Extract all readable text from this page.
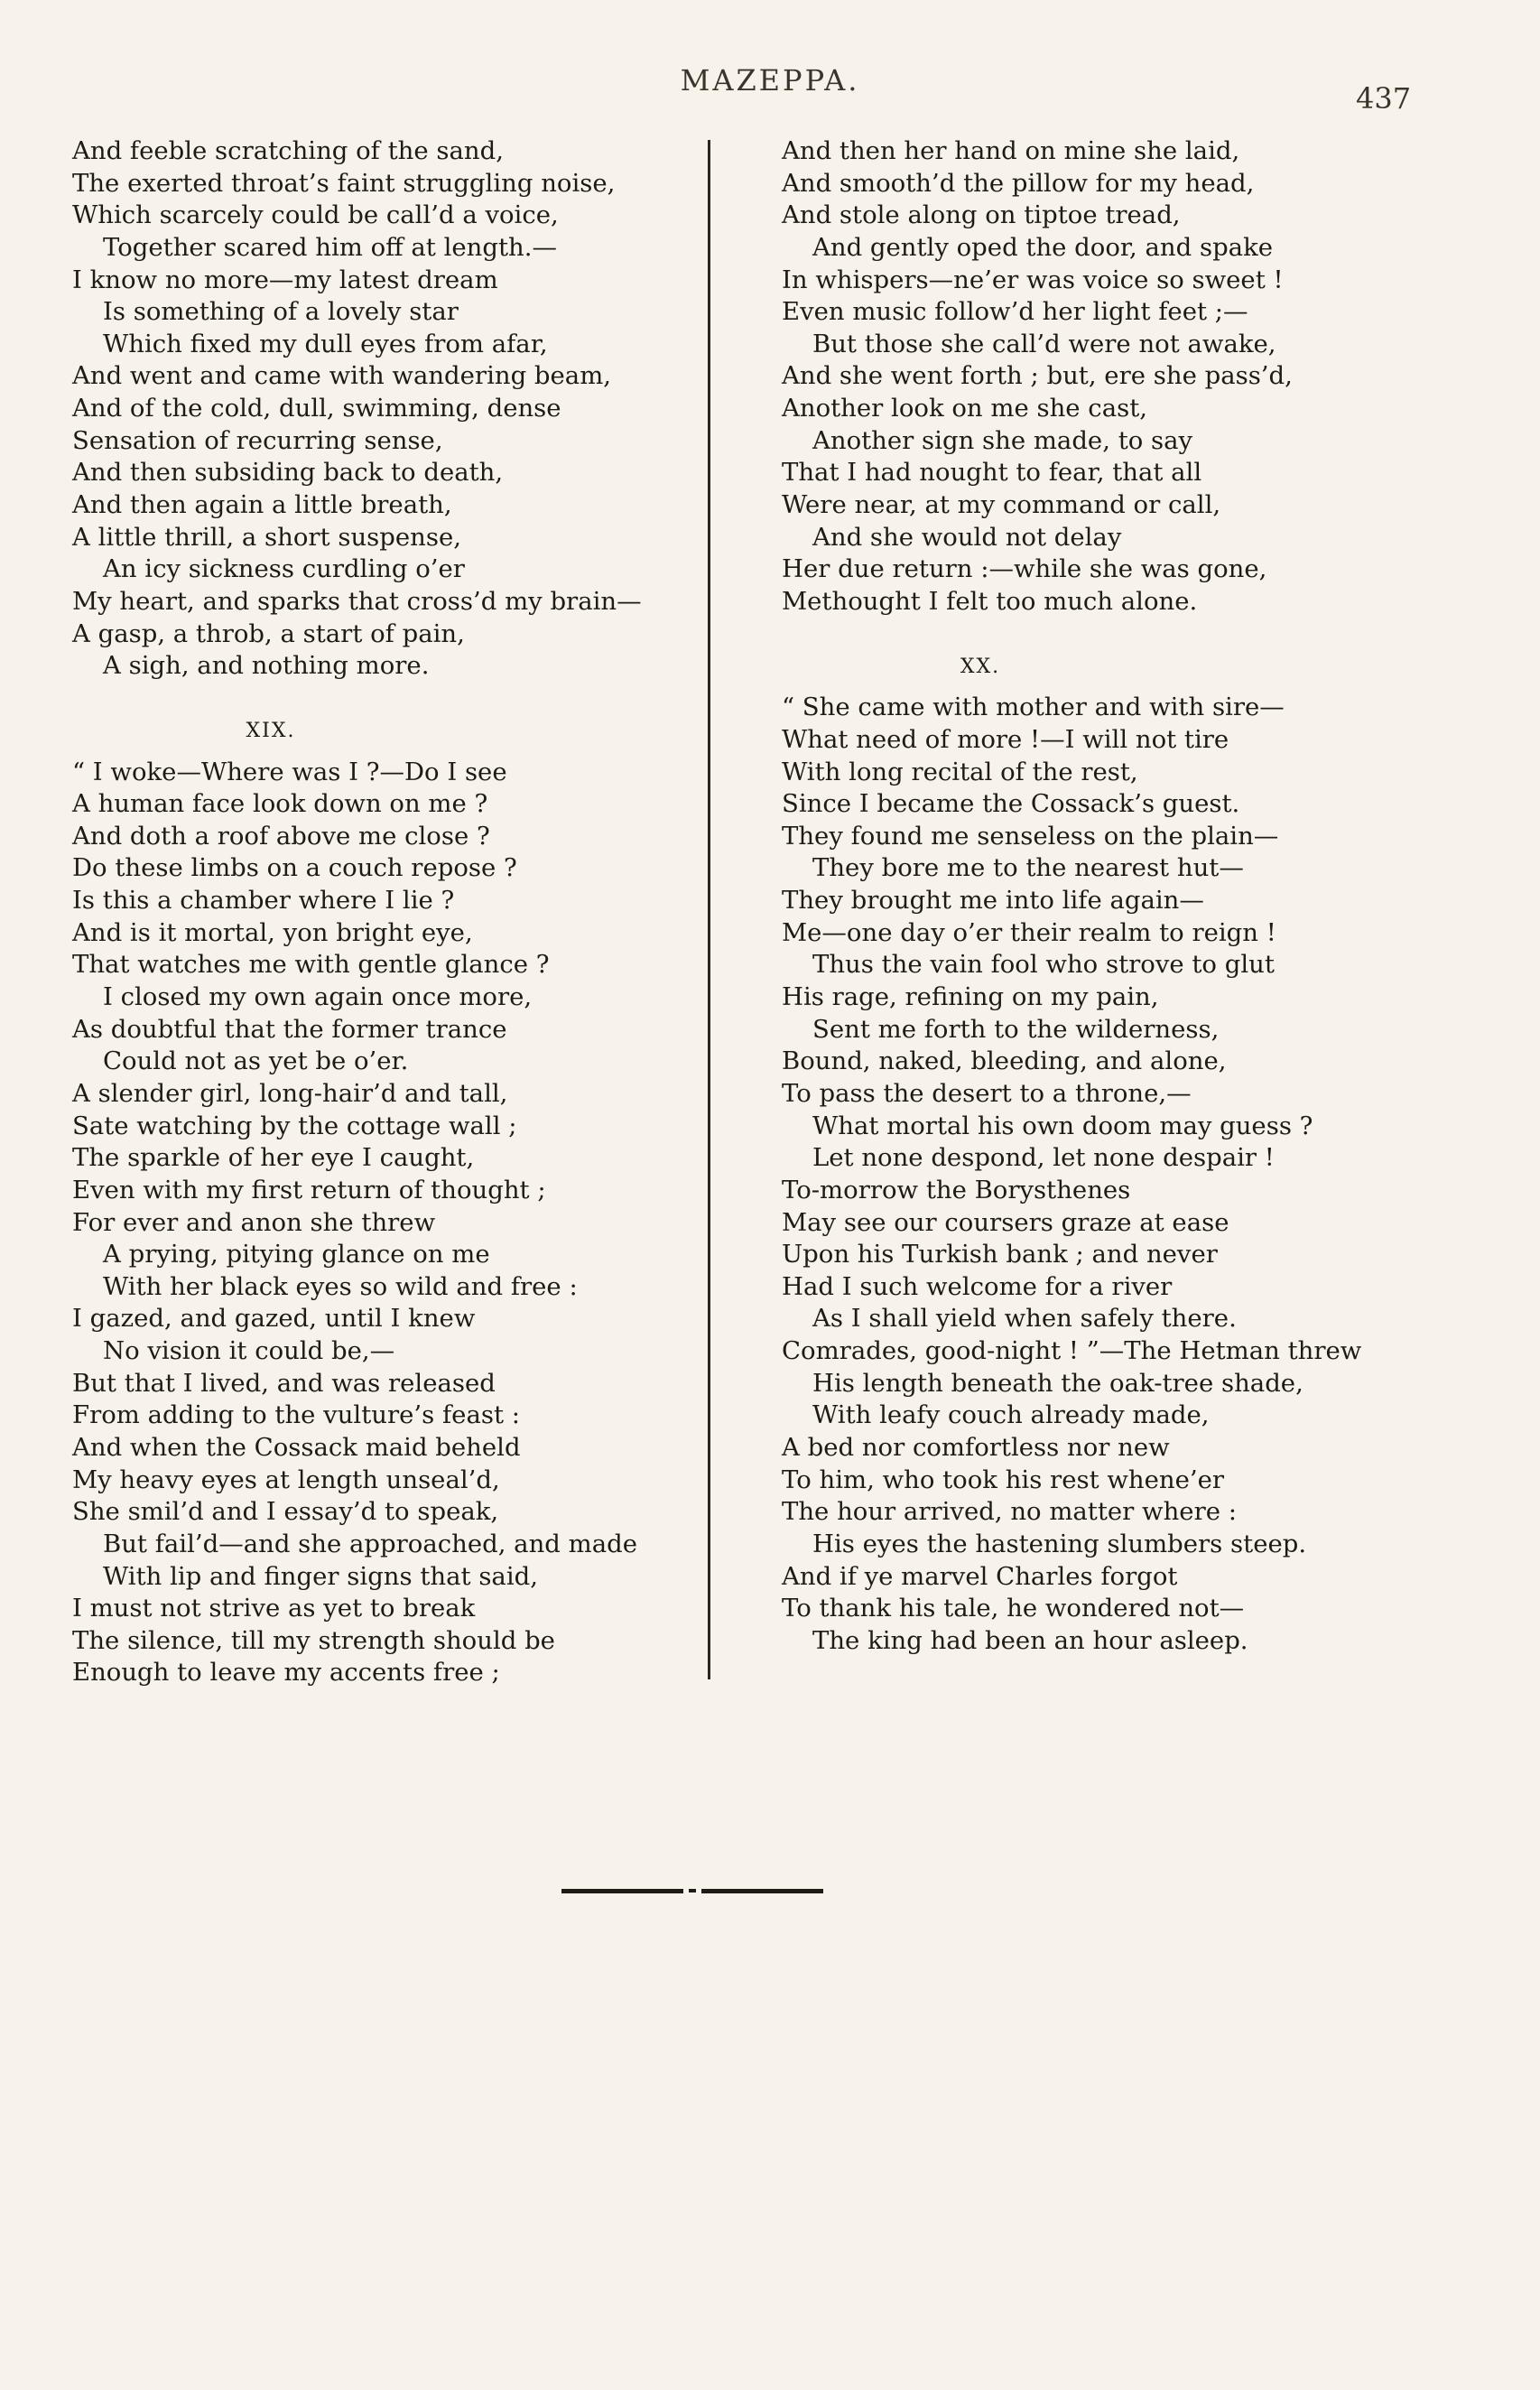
MAZEPPA.
437
And feeble scratching of the sand,
The exerted throat’s faint struggling noise,
Which scarcely could be call’d a voice,
Together scared him off at length.—
I know no more—my latest dream
Is something of a lovely star
Which fixed my dull eyes from afar,
And went and came with wandering beam,
And of the cold, dull, swimming, dense
Sensation of recurring sense,
And then subsiding back to death,
And then again a little breath,
A little thrill, a short suspense,
An icy sickness curdling o’er
My heart, and sparks that cross’d my brain—
A gasp, a throb, a start of pain,
A sigh, and nothing more.
XIX.
“ I woke—Where was I ?—Do I see
A human face look down on me ?
And doth a roof above me close ?
Do these limbs on a couch repose ?
Is this a chamber where I lie ?
And is it mortal, yon bright eye,
That watches me with gentle glance ?
I closed my own again once more,
As doubtful that the former trance
Could not as yet be o’er.
A slender girl, long-hair’d and tall,
Sate watching by the cottage wall ;
The sparkle of her eye I caught,
Even with my first return of thought ;
For ever and anon she threw
A prying, pitying glance on me
With her black eyes so wild and free :
I gazed, and gazed, until I knew
No vision it could be,—
But that I lived, and was released
From adding to the vulture’s feast :
And when the Cossack maid beheld
My heavy eyes at length unseal’d,
She smil’d and I essay’d to speak,
But fail’d—and she approached, and made
With lip and finger signs that said,
I must not strive as yet to break
The silence, till my strength should be
Enough to leave my accents free ;
And then her hand on mine she laid,
And smooth’d the pillow for my head,
And stole along on tiptoe tread,
And gently oped the door, and spake
In whispers—ne’er was voice so sweet !
Even music follow’d her light feet ;—
But those she call’d were not awake,
And she went forth ; but, ere she pass’d,
Another look on me she cast,
Another sign she made, to say
That I had nought to fear, that all
Were near, at my command or call,
And she would not delay
Her due return :—while she was gone,
Methought I felt too much alone.
XX.
“ She came with mother and with sire—
What need of more !—I will not tire
With long recital of the rest,
Since I became the Cossack’s guest.
They found me senseless on the plain—
They bore me to the nearest hut—
They brought me into life again—
Me—one day o’er their realm to reign !
Thus the vain fool who strove to glut
His rage, refining on my pain,
Sent me forth to the wilderness,
Bound, naked, bleeding, and alone,
To pass the desert to a throne,—
What mortal his own doom may guess ?
Let none despond, let none despair !
To-morrow the Borysthenes
May see our coursers graze at ease
Upon his Turkish bank ; and never
Had I such welcome for a river
As I shall yield when safely there.
Comrades, good-night ! ”—The Hetman threw
His length beneath the oak-tree shade,
With leafy couch already made,
A bed nor comfortless nor new
To him, who took his rest whene’er
The hour arrived, no matter where :
His eyes the hastening slumbers steep.
And if ye marvel Charles forgot
To thank his tale, he wondered not—
The king had been an hour asleep.
